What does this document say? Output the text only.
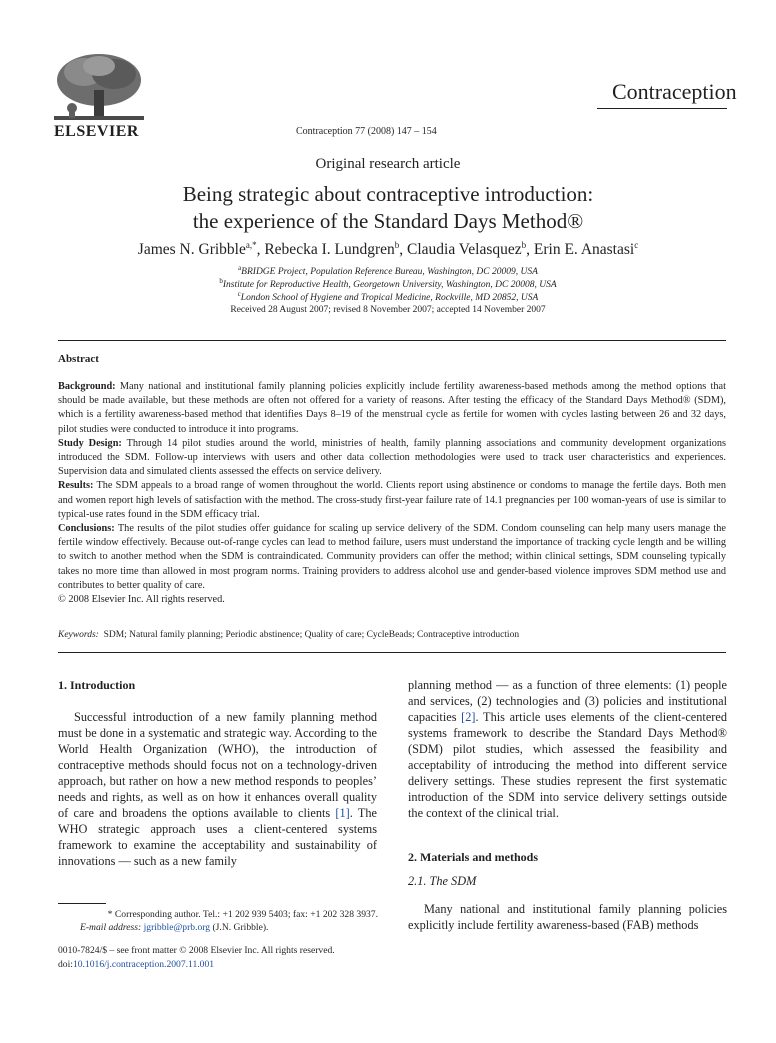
ELSEVIER
Contraception
Contraception 77 (2008) 147 – 154
Original research article
Being strategic about contraceptive introduction:
the experience of the Standard Days Method®
James N. Gribble$^{a,*}$, Rebecka I. Lundgren$^b$, Claudia Velasquez$^b$, Erin E. Anastasi$^c$
$^a$BRIDGE Project, Population Reference Bureau, Washington, DC 20009, USA
$^b$Institute for Reproductive Health, Georgetown University, Washington, DC 20008, USA
$^c$London School of Hygiene and Tropical Medicine, Rockville, MD 20852, USA
Received 28 August 2007; revised 8 November 2007; accepted 14 November 2007
Abstract

Background: Many national and institutional family planning policies explicitly include fertility awareness-based methods among the method options that should be made available, but these methods are often not offered for a variety of reasons. After testing the efficacy of the Standard Days Method® (SDM), which is a fertility awareness-based method that identifies Days 8–19 of the menstrual cycle as fertile for women with cycles lasting between 26 and 32 days, pilot studies were conducted to introduce it into programs.

Study Design: Through 14 pilot studies around the world, ministries of health, family planning associations and community development organizations introduced the SDM. Follow-up interviews with users and other data collection methodologies were used to track user characteristics and experiences. Supervision data and simulated clients assessed the effects on service delivery.

Results: The SDM appeals to a broad range of women throughout the world. Clients report using abstinence or condoms to manage the fertile days. Both men and women report high levels of satisfaction with the method. The cross-study first-year failure rate of 14.1 pregnancies per 100 woman-years of use is similar to typical-use rates found in the SDM efficacy trial.

Conclusions: The results of the pilot studies offer guidance for scaling up service delivery of the SDM. Condom counseling can help many users manage the fertile window effectively. Because out-of-range cycles can lead to method failure, users must understand the importance of tracking cycle length and be willing to switch to another method when the SDM is contraindicated. Community providers can offer the method; within clinical settings, SDM counseling typically takes no more time than allowed in most program norms. Training providers to address alcohol use and gender-based violence improves SDM method use and contributes to better quality of care.

© 2008 Elsevier Inc. All rights reserved.

Keywords: SDM; Natural family planning; Periodic abstinence; Quality of care; CycleBeads; Contraceptive introduction
1. Introduction

Successful introduction of a new family planning method must be done in a systematic and strategic way. According to the World Health Organization (WHO), the introduction of contraceptive methods should focus not on a technology-driven approach, but rather on how a new method responds to peoples’ needs and rights, as well as on how it enhances overall quality of care and broadens the options available to clients [1]. The WHO strategic approach uses a client-centered systems framework to examine the acceptability and sustainability of innovations — such as a new family

planning method — as a function of three elements: (1) people and services, (2) technologies and (3) policies and institutional capacities [2]. This article uses elements of the client-centered systems framework to describe the Standard Days Method® (SDM) pilot studies, which assessed the feasibility and acceptability of introducing the method into different service delivery settings. These studies represent the first systematic introduction of the SDM into service delivery settings outside the context of the clinical trial.

2. Materials and methods
2.1. The SDM

Many national and institutional family planning policies explicitly include fertility awareness-based (FAB) methods

* Corresponding author. Tel.: +1 202 939 5403; fax: +1 202 328 3937.
E-mail address: jgribble@prb.org (J.N. Gribble).
0010-7824/$ – see front matter © 2008 Elsevier Inc. All rights reserved.
doi:10.1016/j.contraception.2007.11.001
